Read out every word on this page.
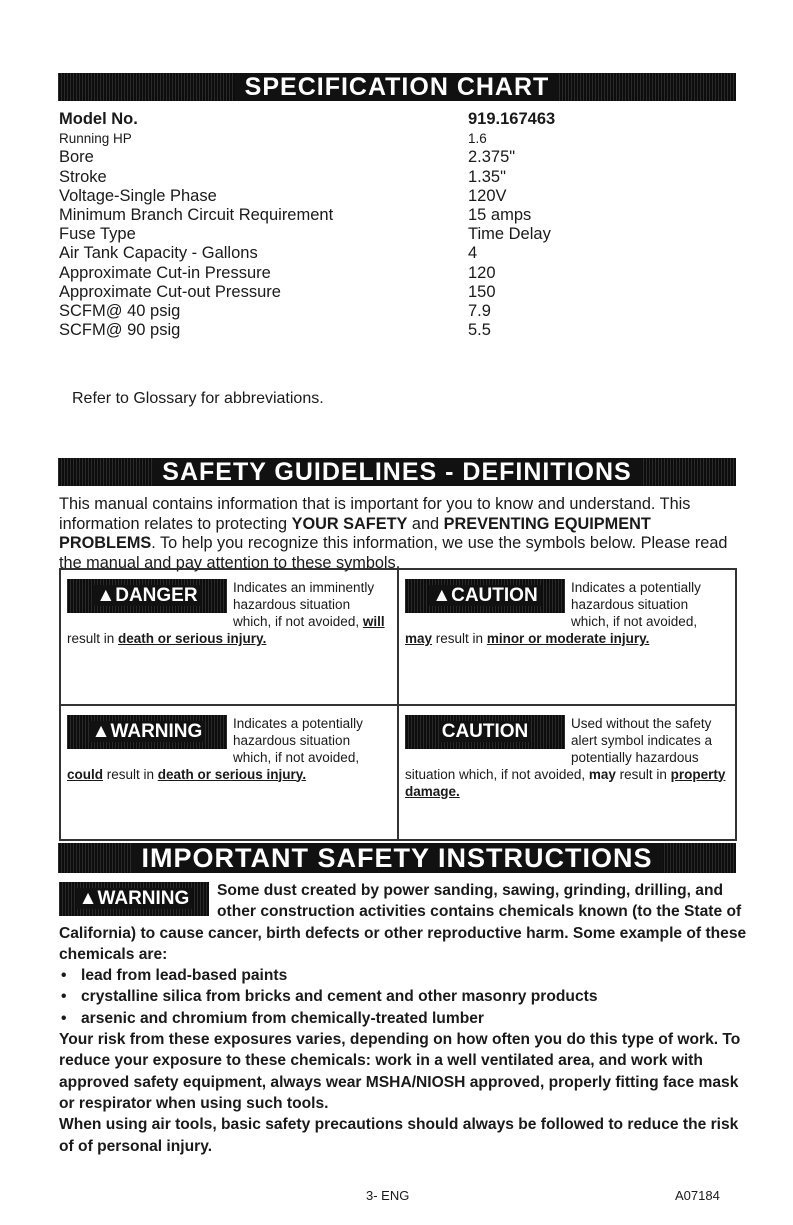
SPECIFICATION CHART
Model No.	919.167463
Running HP	1.6
Bore	2.375"
Stroke	1.35"
Voltage-Single Phase	120V
Minimum Branch Circuit Requirement	15 amps
Fuse Type	Time Delay
Air Tank Capacity - Gallons	4
Approximate Cut-in Pressure	120
Approximate Cut-out Pressure	150
SCFM@ 40 psig	7.9
SCFM@ 90 psig	5.5
Refer to Glossary for abbreviations.
SAFETY GUIDELINES - DEFINITIONS
This manual contains information that is important for you to know and understand. This information relates to protecting YOUR SAFETY and PREVENTING EQUIPMENT PROBLEMS. To help you recognize this information, we use the symbols below. Please read the manual and pay attention to these symbols.
▲DANGER	Indicates an imminently hazardous situation which, if not avoided, will result in death or serious injury.
▲CAUTION	Indicates a potentially hazardous situation which, if not avoided, may result in minor or moderate injury.
▲WARNING	Indicates a potentially hazardous situation which, if not avoided, could result in death or serious injury.
CAUTION	Used without the safety alert symbol indicates a potentially hazardous situation which, if not avoided, may result in property damage.
IMPORTANT SAFETY INSTRUCTIONS
▲WARNING	Some dust created by power sanding, sawing, grinding, drilling, and other construction activities contains chemicals known (to the State of California) to cause cancer, birth defects or other reproductive harm. Some example of these chemicals are:
• lead from lead-based paints
• crystalline silica from bricks and cement and other masonry products
• arsenic and chromium from chemically-treated lumber
Your risk from these exposures varies, depending on how often you do this type of work. To reduce your exposure to these chemicals: work in a well ventilated area, and work with approved safety equipment, always wear MSHA/NIOSH approved, properly fitting face mask or respirator when using such tools.
When using air tools, basic safety precautions should always be followed to reduce the risk of of personal injury.
3- ENG	A07184
